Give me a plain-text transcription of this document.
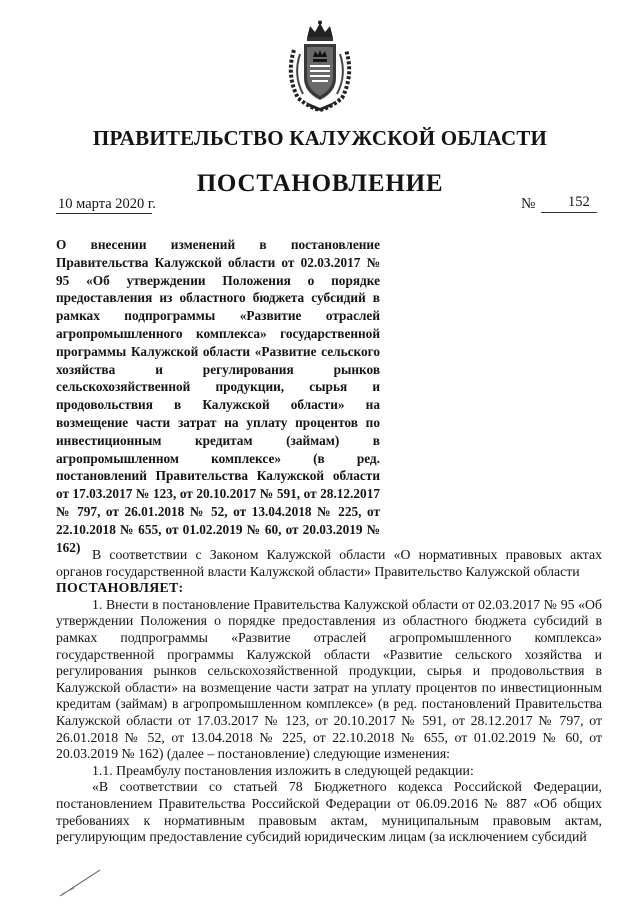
ПРАВИТЕЛЬСТВО КАЛУЖСКОЙ ОБЛАСТИ
ПОСТАНОВЛЕНИЕ
10 марта 2020 г.	№ 152
О внесении изменений в постановление Правительства Калужской области от 02.03.2017 № 95 «Об утверждении Положения о порядке предоставления из областного бюджета субсидий в рамках подпрограммы «Развитие отраслей агропромышленного комплекса» государственной программы Калужской области «Развитие сельского хозяйства и регулирования рынков сельскохозяйственной продукции, сырья и продовольствия в Калужской области» на возмещение части затрат на уплату процентов по инвестиционным кредитам (займам) в агропромышленном комплексе» (в ред. постановлений Правительства Калужской области от 17.03.2017 № 123, от 20.10.2017 № 591, от 28.12.2017 № 797, от 26.01.2018 № 52, от 13.04.2018 № 225, от 22.10.2018 № 655, от 01.02.2019 № 60, от 20.03.2019 № 162) В соответствии с Законом Калужской области «О нормативных правовых актах органов государственной власти Калужской области» Правительство Калужской области

ПОСТАНОВЛЯЕТ:

1. Внести в постановление Правительства Калужской области от 02.03.2017 № 95 «Об утверждении Положения о порядке предоставления из областного бюджета субсидий в рамках подпрограммы «Развитие отраслей агропромышленного комплекса» государственной программы Калужской области «Развитие сельского хозяйства и регулирования рынков сельскохозяйственной продукции, сырья и продовольствия в Калужской области» на возмещение части затрат на уплату процентов по инвестиционным кредитам (займам) в агропромышленном комплексе» (в ред. постановлений Правительства Калужской области от 17.03.2017 № 123, от 20.10.2017 № 591, от 28.12.2017 № 797, от 26.01.2018 № 52, от 13.04.2018 № 225, от 22.10.2018 № 655, от 01.02.2019 № 60, от 20.03.2019 № 162) (далее – постановление) следующие изменения:

1.1. Преамбулу постановления изложить в следующей редакции:

«В соответствии со статьей 78 Бюджетного кодекса Российской Федерации, постановлением Правительства Российской Федерации от 06.09.2016 № 887 «Об общих требованиях к нормативным правовым актам, муниципальным правовым актам, регулирующим предоставление субсидий юридическим лицам (за исключением субсидий
